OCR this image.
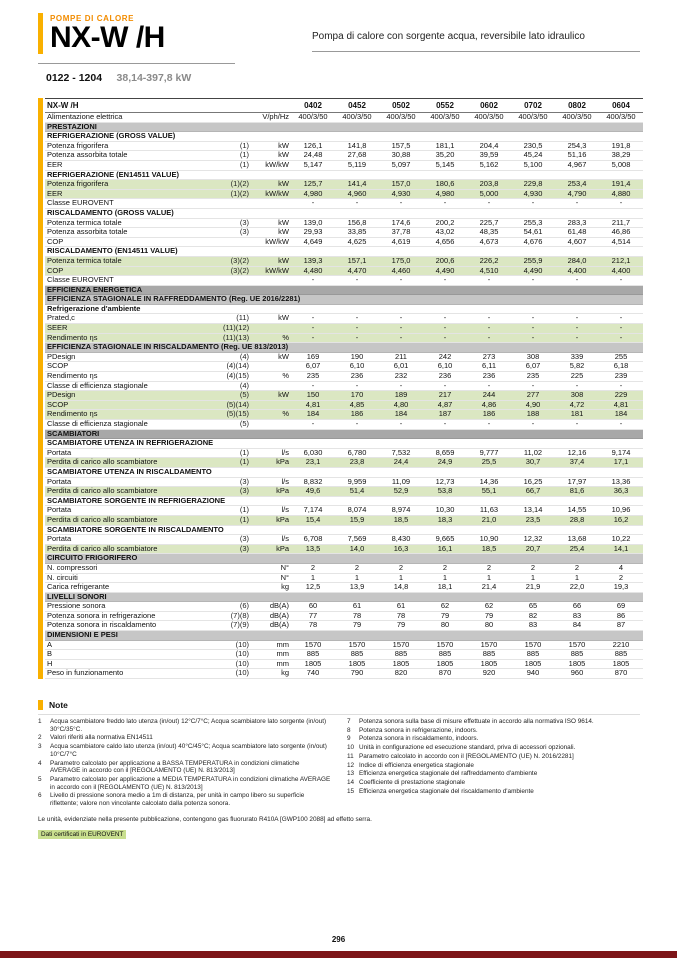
POMPE DI CALORE
NX-W /H	Pompa di calore con sorgente acqua, reversibile lato idraulico
0122 - 1204 38,14-397,8 kW
NX-W /H			0402	0452	0502	0552	0602	0702	0802	0604
Alimentazione elettrica		V/ph/Hz	400/3/50	400/3/50	400/3/50	400/3/50	400/3/50	400/3/50	400/3/50	400/3/50
PRESTAZIONI										
REFRIGERAZIONE (GROSS VALUE)										
Potenza frigorifera	(1)	kW	126,1	141,8	157,5	181,1	204,4	230,5	254,3	191,8
Potenza assorbita totale	(1)	kW	24,48	27,68	30,88	35,20	39,59	45,24	51,16	38,29
EER	(1)	kW/kW	5,147	5,119	5,097	5,145	5,162	5,100	4,967	5,008
REFRIGERAZIONE (EN14511 VALUE)										
Potenza frigorifera	(1)(2)	kW	125,7	141,4	157,0	180,6	203,8	229,8	253,4	191,4
EER	(1)(2)	kW/kW	4,980	4,960	4,930	4,980	5,000	4,930	4,790	4,880
Classe EUROVENT			-	-	-	-	-	-	-	-
RISCALDAMENTO (GROSS VALUE)										
Potenza termica totale	(3)	kW	139,0	156,8	174,6	200,2	225,7	255,3	283,3	211,7
Potenza assorbita totale	(3)	kW	29,93	33,85	37,78	43,02	48,35	54,61	61,48	46,86
COP		kW/kW	4,649	4,625	4,619	4,656	4,673	4,676	4,607	4,514
RISCALDAMENTO (EN14511 VALUE)										
Potenza termica totale	(3)(2)	kW	139,3	157,1	175,0	200,6	226,2	255,9	284,0	212,1
COP	(3)(2)	kW/kW	4,480	4,470	4,460	4,490	4,510	4,490	4,400	4,400
Classe EUROVENT			-	-	-	-	-	-	-	-
EFFICIENZA ENERGETICA										
EFFICIENZA STAGIONALE IN RAFFREDDAMENTO (Reg. UE 2016/2281)										
Refrigerazione d'ambiente										
Prated,c	(11)	kW	-	-	-	-	-	-	-	-
SEER	(11)(12)		-	-	-	-	-	-	-	-
Rendimento ηs	(11)(13)	%	-	-	-	-	-	-	-	-
EFFICIENZA STAGIONALE IN RISCALDAMENTO (Reg. UE 813/2013)										
PDesign	(4)	kW	169	190	211	242	273	308	339	255
SCOP	(4)(14)		6,07	6,10	6,01	6,10	6,11	6,07	5,82	6,18
Rendimento ηs	(4)(15)	%	235	236	232	236	236	235	225	239
Classe di efficienza stagionale	(4)		-	-	-	-	-	-	-	-
PDesign	(5)	kW	150	170	189	217	244	277	308	229
SCOP	(5)(14)		4,81	4,85	4,80	4,87	4,86	4,90	4,72	4,81
Rendimento ηs	(5)(15)	%	184	186	184	187	186	188	181	184
Classe di efficienza stagionale	(5)		-	-	-	-	-	-	-	-
SCAMBIATORI										
SCAMBIATORE UTENZA IN REFRIGERAZIONE										
Portata	(1)	l/s	6,030	6,780	7,532	8,659	9,777	11,02	12,16	9,174
Perdita di carico allo scambiatore	(1)	kPa	23,1	23,8	24,4	24,9	25,5	30,7	37,4	17,1
SCAMBIATORE UTENZA IN RISCALDAMENTO										
Portata	(3)	l/s	8,832	9,959	11,09	12,73	14,36	16,25	17,97	13,36
Perdita di carico allo scambiatore	(3)	kPa	49,6	51,4	52,9	53,8	55,1	66,7	81,6	36,3
SCAMBIATORE SORGENTE IN REFRIGERAZIONE										
Portata	(1)	l/s	7,174	8,074	8,974	10,30	11,63	13,14	14,55	10,96
Perdita di carico allo scambiatore	(1)	kPa	15,4	15,9	18,5	18,3	21,0	23,5	28,8	16,2
SCAMBIATORE SORGENTE IN RISCALDAMENTO										
Portata	(3)	l/s	6,708	7,569	8,430	9,665	10,90	12,32	13,68	10,22
Perdita di carico allo scambiatore	(3)	kPa	13,5	14,0	16,3	16,1	18,5	20,7	25,4	14,1
CIRCUITO FRIGORIFERO										
N. compressori		N°	2	2	2	2	2	2	2	4
N. circuiti		N°	1	1	1	1	1	1	1	2
Carica refrigerante		kg	12,5	13,9	14,8	18,1	21,4	21,9	22,0	19,3
LIVELLI SONORI										
Pressione sonora	(6)	dB(A)	60	61	61	62	62	65	66	69
Potenza sonora in refrigerazione	(7)(8)	dB(A)	77	78	78	79	79	82	83	86
Potenza sonora in riscaldamento	(7)(9)	dB(A)	78	79	79	80	80	83	84	87
DIMENSIONI E PESI										
A	(10)	mm	1570	1570	1570	1570	1570	1570	1570	2210
B	(10)	mm	885	885	885	885	885	885	885	885
H	(10)	mm	1805	1805	1805	1805	1805	1805	1805	1805
Peso in funzionamento	(10)	kg	740	790	820	870	920	940	960	870
Note
1	Acqua scambiatore freddo lato utenza (in/out) 12°C/7°C; Acqua scambiatore lato sorgente (in/out) 30°C/35°C.
2	Valori riferiti alla normativa EN14511
3	Acqua scambiatore caldo lato utenza (in/out) 40°C/45°C; Acqua scambiatore lato sorgente (in/out) 10°C/7°C
4	Parametro calcolato per applicazione a BASSA TEMPERATURA in condizioni climatiche AVERAGE in accordo con il [REGOLAMENTO (UE) N. 813/2013]
5	Parametro calcolato per applicazione a MEDIA TEMPERATURA in condizioni climatiche AVERAGE in accordo con il [REGOLAMENTO (UE) N. 813/2013]
6	Livello di pressione sonora medio a 1m di distanza, per unità in campo libero su superficie riflettente; valore non vincolante calcolato dalla potenza sonora.
7	Potenza sonora sulla base di misure effettuate in accordo alla normativa ISO 9614.
8	Potenza sonora in refrigerazione, indoors.
9	Potenza sonora in riscaldamento, indoors.
10 Unità in configurazione ed esecuzione standard, priva di accessori opzionali.
11 Parametro calcolato in accordo con il [REGOLAMENTO (UE) N. 2016/2281]
12 Indice di efficienza energetica stagionale
13 Efficienza energetica stagionale del raffreddamento d'ambiente
14 Coefficiente di prestazione stagionale
15 Efficienza energetica stagionale del riscaldamento d'ambiente
Le unità, evidenziate nella presente pubblicazione, contengono gas fluorurato R410A [GWP100 2088] ad effetto serra.
Dati certificati in EUROVENT
296
